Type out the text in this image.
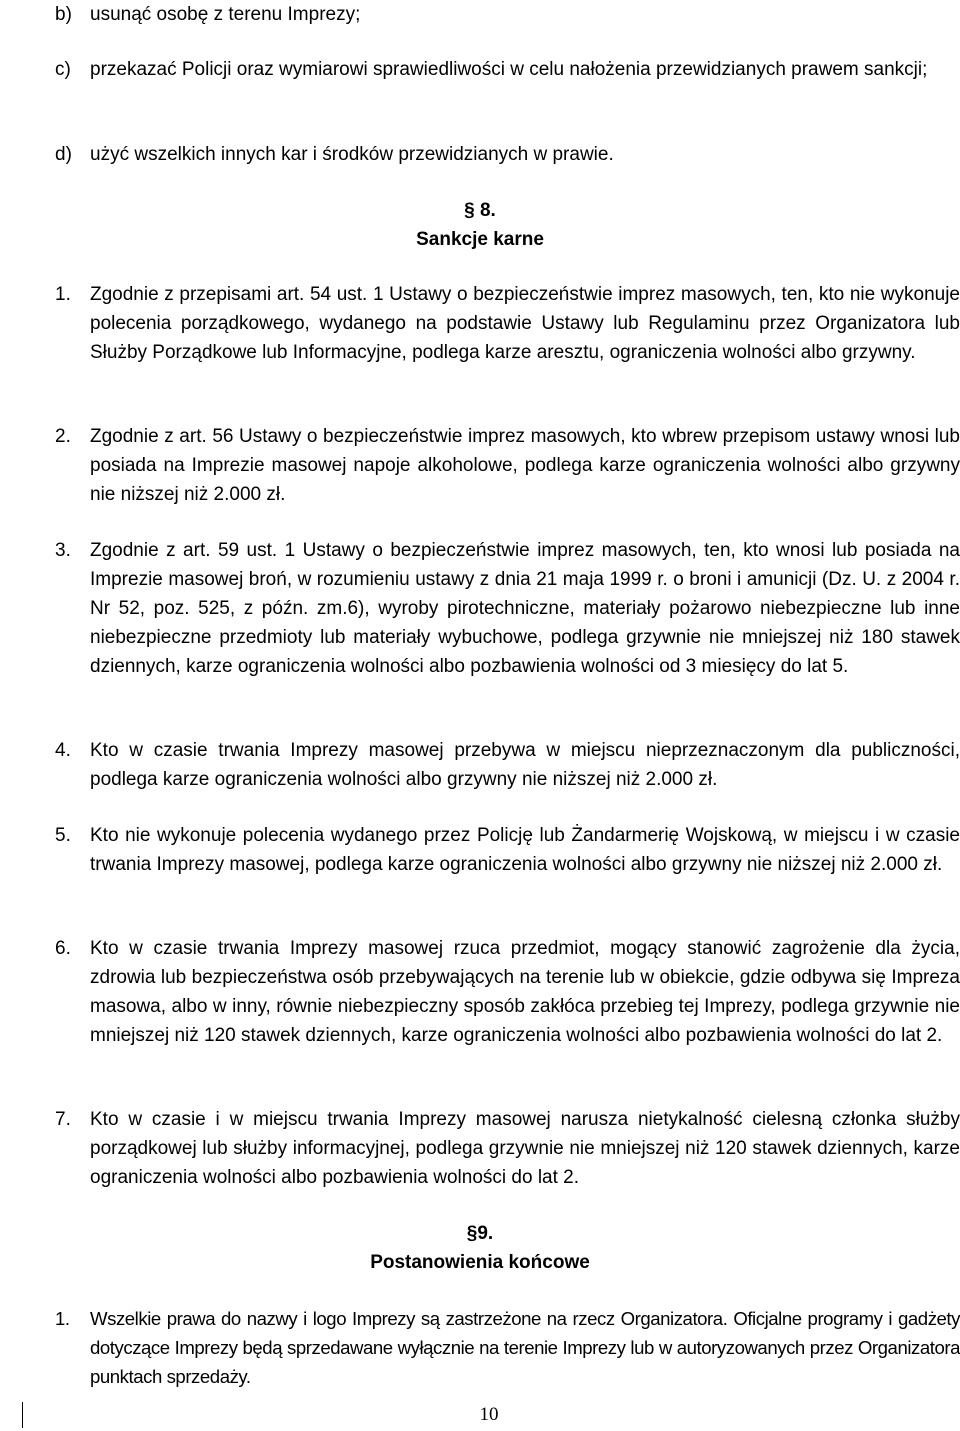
b) usunąć osobę z terenu Imprezy;
c) przekazać Policji oraz wymiarowi sprawiedliwości w celu nałożenia przewidzianych prawem sankcji;
d) użyć wszelkich innych kar i środków przewidzianych w prawie.
§ 8.
Sankcje karne
1. Zgodnie z przepisami art. 54 ust. 1 Ustawy o bezpieczeństwie imprez masowych, ten, kto nie wykonuje polecenia porządkowego, wydanego na podstawie Ustawy lub Regulaminu przez Organizatora lub Służby Porządkowe lub Informacyjne, podlega karze aresztu, ograniczenia wolności albo grzywny.
2. Zgodnie z art. 56 Ustawy o bezpieczeństwie imprez masowych, kto wbrew przepisom ustawy wnosi lub posiada na Imprezie masowej napoje alkoholowe, podlega karze ograniczenia wolności albo grzywny nie niższej niż 2.000 zł.
3. Zgodnie z art. 59 ust. 1 Ustawy o bezpieczeństwie imprez masowych, ten, kto wnosi lub posiada na Imprezie masowej broń, w rozumieniu ustawy z dnia 21 maja 1999 r. o broni i amunicji (Dz. U. z 2004 r. Nr 52, poz. 525, z późn. zm.6), wyroby pirotechniczne, materiały pożarowo niebezpieczne lub inne niebezpieczne przedmioty lub materiały wybuchowe, podlega grzywnie nie mniejszej niż 180 stawek dziennych, karze ograniczenia wolności albo pozbawienia wolności od 3 miesięcy do lat 5.
4. Kto w czasie trwania Imprezy masowej przebywa w miejscu nieprzeznaczonym dla publiczności, podlega karze ograniczenia wolności albo grzywny nie niższej niż 2.000 zł.
5. Kto nie wykonuje polecenia wydanego przez Policję lub Żandarmerię Wojskową, w miejscu i w czasie trwania Imprezy masowej, podlega karze ograniczenia wolności albo grzywny nie niższej niż 2.000 zł.
6. Kto w czasie trwania Imprezy masowej rzuca przedmiot, mogący stanowić zagrożenie dla życia, zdrowia lub bezpieczeństwa osób przebywających na terenie lub w obiekcie, gdzie odbywa się Impreza masowa, albo w inny, równie niebezpieczny sposób zakłóca przebieg tej Imprezy, podlega grzywnie nie mniejszej niż 120 stawek dziennych, karze ograniczenia wolności albo pozbawienia wolności do lat 2.
7. Kto w czasie i w miejscu trwania Imprezy masowej narusza nietykalność cielesną członka służby porządkowej lub służby informacyjnej, podlega grzywnie nie mniejszej niż 120 stawek dziennych, karze ograniczenia wolności albo pozbawienia wolności do lat 2.
§9.
Postanowienia końcowe
1. Wszelkie prawa do nazwy i logo Imprezy są zastrzeżone na rzecz Organizatora. Oficjalne programy i gadżety dotyczące Imprezy będą sprzedawane wyłącznie na terenie Imprezy lub w autoryzowanych przez Organizatora punktach sprzedaży.
10
